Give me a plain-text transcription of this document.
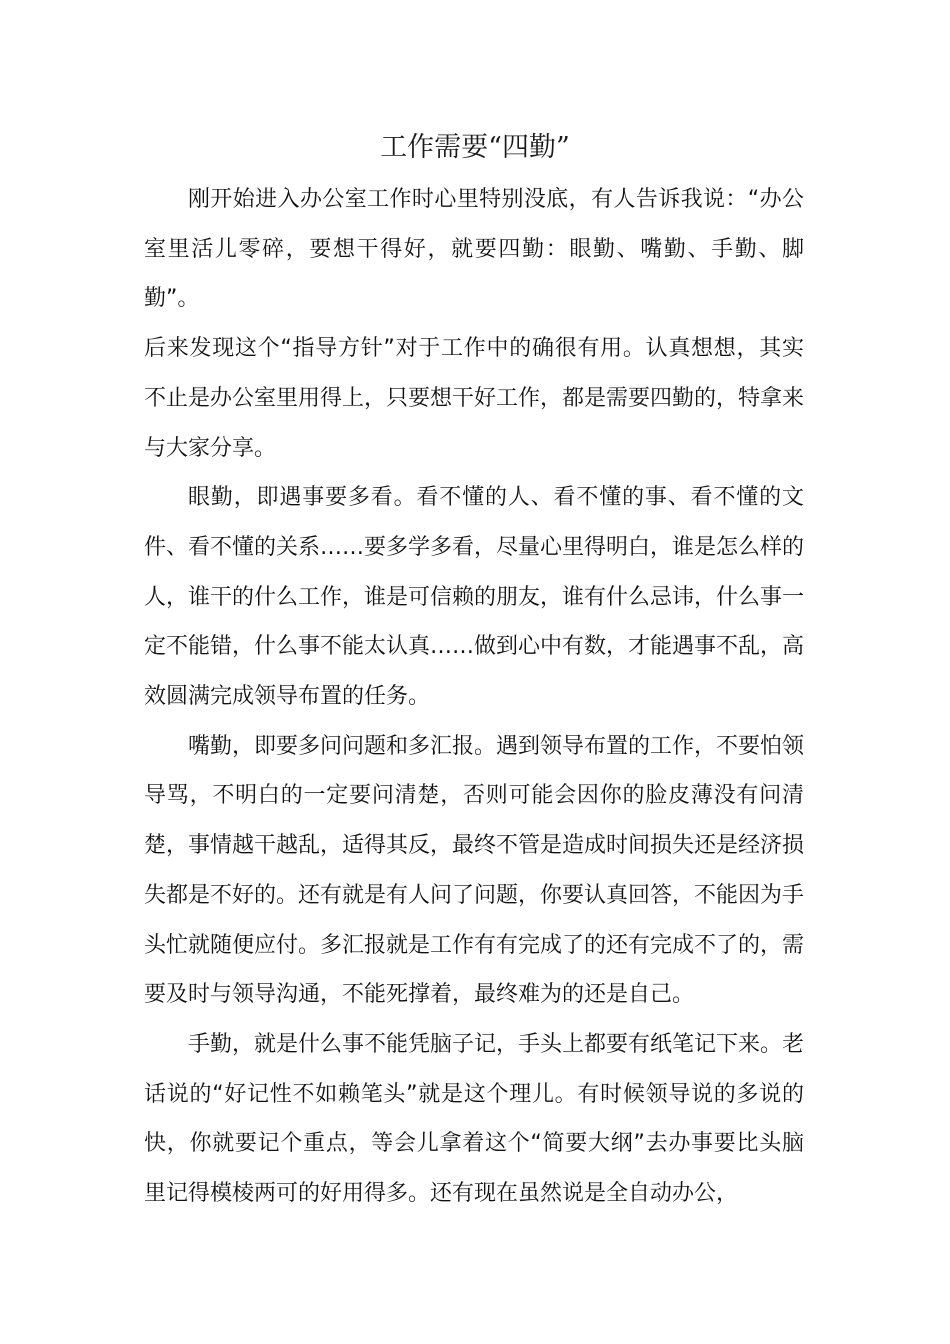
工作需要“四勤”

刚开始进入办公室工作时心里特别没底，有人告诉我说：“办公室里活儿零碎，要想干得好，就要四勤：眼勤、嘴勤、手勤、脚勤”。

后来发现这个“指导方针”对于工作中的确很有用。认真想想，其实不止是办公室里用得上，只要想干好工作，都是需要四勤的，特拿来与大家分享。

眼勤，即遇事要多看。看不懂的人、看不懂的事、看不懂的文件、看不懂的关系……要多学多看，尽量心里得明白，谁是怎么样的人，谁干的什么工作，谁是可信赖的朋友，谁有什么忌讳，什么事一定不能错，什么事不能太认真……做到心中有数，才能遇事不乱，高效圆满完成领导布置的任务。

嘴勤，即要多问问题和多汇报。遇到领导布置的工作，不要怕领导骂，不明白的一定要问清楚，否则可能会因你的脸皮薄没有问清楚，事情越干越乱，适得其反，最终不管是造成时间损失还是经济损失都是不好的。还有就是有人问了问题，你要认真回答，不能因为手头忙就随便应付。多汇报就是工作有有完成了的还有完成不了的，需要及时与领导沟通，不能死撑着，最终难为的还是自己。

手勤，就是什么事不能凭脑子记，手头上都要有纸笔记下来。老话说的“好记性不如赖笔头”就是这个理儿。有时候领导说的多说的快，你就要记个重点，等会儿拿着这个“简要大纲”去办事要比头脑里记得模棱两可的好用得多。还有现在虽然说是全自动办公，
